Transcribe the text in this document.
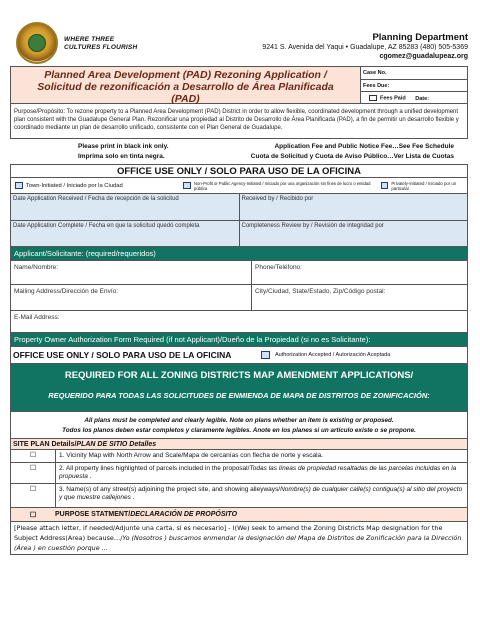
WHERE THREE
CULTURES FLOURISH
Planning Department
9241 S. Avenida del Yaqui • Guadalupe, AZ 85283 (480) 505-5369
cgomez@guadalupeaz.org
Planned Area Development (PAD) Rezoning Application /
Solicitud de rezonificación a Desarrollo de Área Planificada
(PAD)
Case No.
Fees Due:
Fees Paid Date:
Purpose/Propósito: To rezone property to a Planned Area Development (PAD) District in order to allow flexible, coordinated development through a unified development plan consistent with the Guadalupe General Plan. Rezonificar una propiedad al Distrito de Desarrollo de Área Planificada (PAD), a fin de permitir un desarrollo flexible y coordinado mediante un plan de desarrollo unificado, consistente con el Plan General de Guadalupe.
Please print in black ink only.
Imprima solo en tinta negra.
Application Fee and Public Notice Fee…See Fee Schedule
Cuota de Solicitud y Cuota de Aviso Público…Ver Lista de Cuotas
OFFICE USE ONLY / SOLO PARA USO DE LA OFICINA
Town-Initiated / Iniciado por la Ciudad
Non-Profit or Public Agency-Initiated / Iniciado por una organización sin fines de lucro o entidad pública
Privately-Initiated / Iniciado por un particular
Date Application Received / Fecha de recepción de la solicitud	Received by / Recibido por
Date Application Complete / Fecha en que la solicitud quedó completa	Completeness Review by / Revisión de integridad por
Applicant/Solicitante: (required/requeridos)
Name/Nombre:	Phone/Teléfono:
Mailing Address/Dirección de Envío:	City/Ciudad, State/Estado, Zip/Código postal:
E-Mail Address:
Property Owner Authorization Form Required (if not Applicant)/Dueño de la Propiedad (si no es Solicitante):
OFFICE USE ONLY / SOLO PARA USO DE LA OFICINA	Authorization Accepted / Autorización Aceptada
REQUIRED FOR ALL ZONING DISTRICTS MAP AMENDMENT APPLICATIONS/
REQUERIDO PARA TODAS LAS SOLICITUDES DE ENMIENDA DE MAPA DE DISTRITOS DE ZONIFICACIÓN:
All plans must be completed and clearly legible. Note on plans whether an item is existing or proposed.
Todos los planos deben estar completos y claramente legibles. Anote en los planes si un artículo existe o se propone.
SITE PLAN Details/PLAN DE SITIO Detalles
☐	1. Vicinity Map with North Arrow and Scale/Mapa de cercanías con flecha de norte y escala.
☐	2. All property lines highlighted of parcels included in the proposal/Todas las líneas de propiedad resaltadas de las parcelas incluidas en la propuesta .
☐	3. Name(s) of any street(s) adjoining the project site, and showing alleyways/Nombre(s) de cualquier calle(s) contigua(s) al sitio del proyecto y que muestre callejones .
☐	PURPOSE STATMENT/DECLARACIÓN DE PROPÓSITO
[Please attach letter, if needed/Adjunte una carta, si es necesario] - I(We) seek to amend the Zoning Districts Map designation for the Subject Address(Area) because…/Yo (Nosotros ) buscamos enmendar la designación del Mapa de Distritos de Zonificación para la Dirección (Área ) en cuestión porque …
